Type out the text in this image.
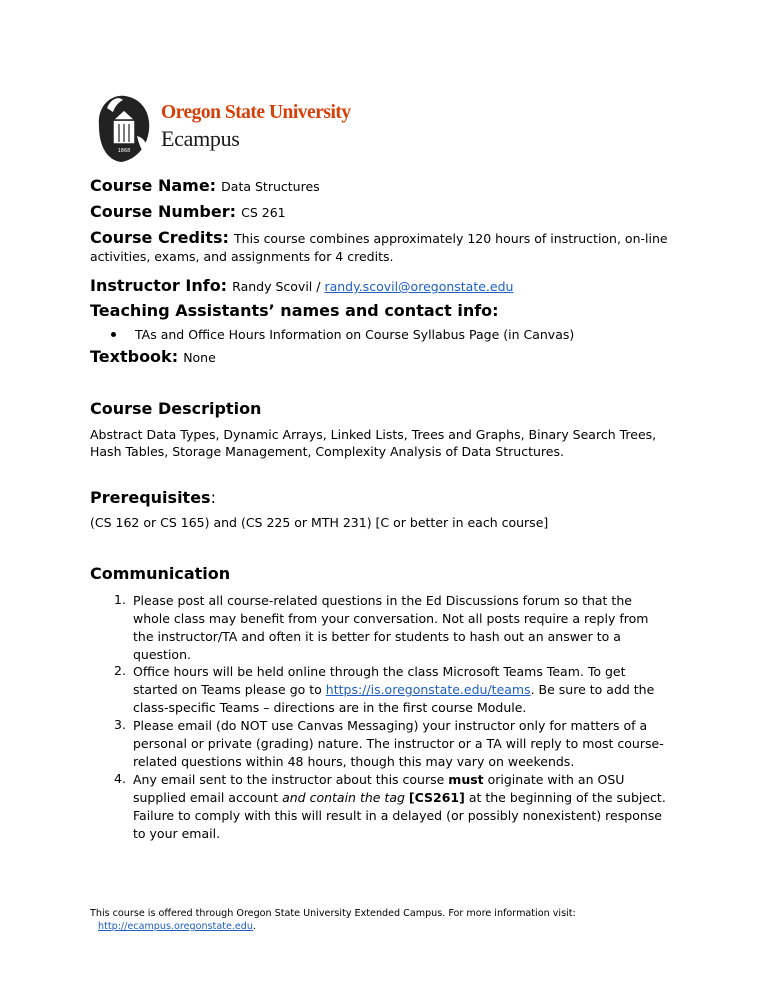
1868
Oregon State University
Ecampus
Course Name: Data Structures
Course Number: CS 261
Course Credits: This course combines approximately 120 hours of instruction, on-line
activities, exams, and assignments for 4 credits.
Instructor Info: Randy Scovil / randy.scovil@oregonstate.edu
Teaching Assistants’ names and contact info:
TAs and Office Hours Information on Course Syllabus Page (in Canvas)
Textbook: None
Course Description
Abstract Data Types, Dynamic Arrays, Linked Lists, Trees and Graphs, Binary Search Trees,
Hash Tables, Storage Management, Complexity Analysis of Data Structures.
Prerequisites:
(CS 162 or CS 165) and (CS 225 or MTH 231) [C or better in each course]
Communication
1. Please post all course-related questions in the Ed Discussions forum so that the
whole class may benefit from your conversation. Not all posts require a reply from
the instructor/TA and often it is better for students to hash out an answer to a
question.
2. Office hours will be held online through the class Microsoft Teams Team. To get
started on Teams please go to https://is.oregonstate.edu/teams. Be sure to add the
class-specific Teams – directions are in the first course Module.
3. Please email (do NOT use Canvas Messaging) your instructor only for matters of a
personal or private (grading) nature. The instructor or a TA will reply to most course-
related questions within 48 hours, though this may vary on weekends.
4. Any email sent to the instructor about this course must originate with an OSU
supplied email account and contain the tag [CS261] at the beginning of the subject.
Failure to comply with this will result in a delayed (or possibly nonexistent) response
to your email.
This course is offered through Oregon State University Extended Campus. For more information visit:
http://ecampus.oregonstate.edu.
